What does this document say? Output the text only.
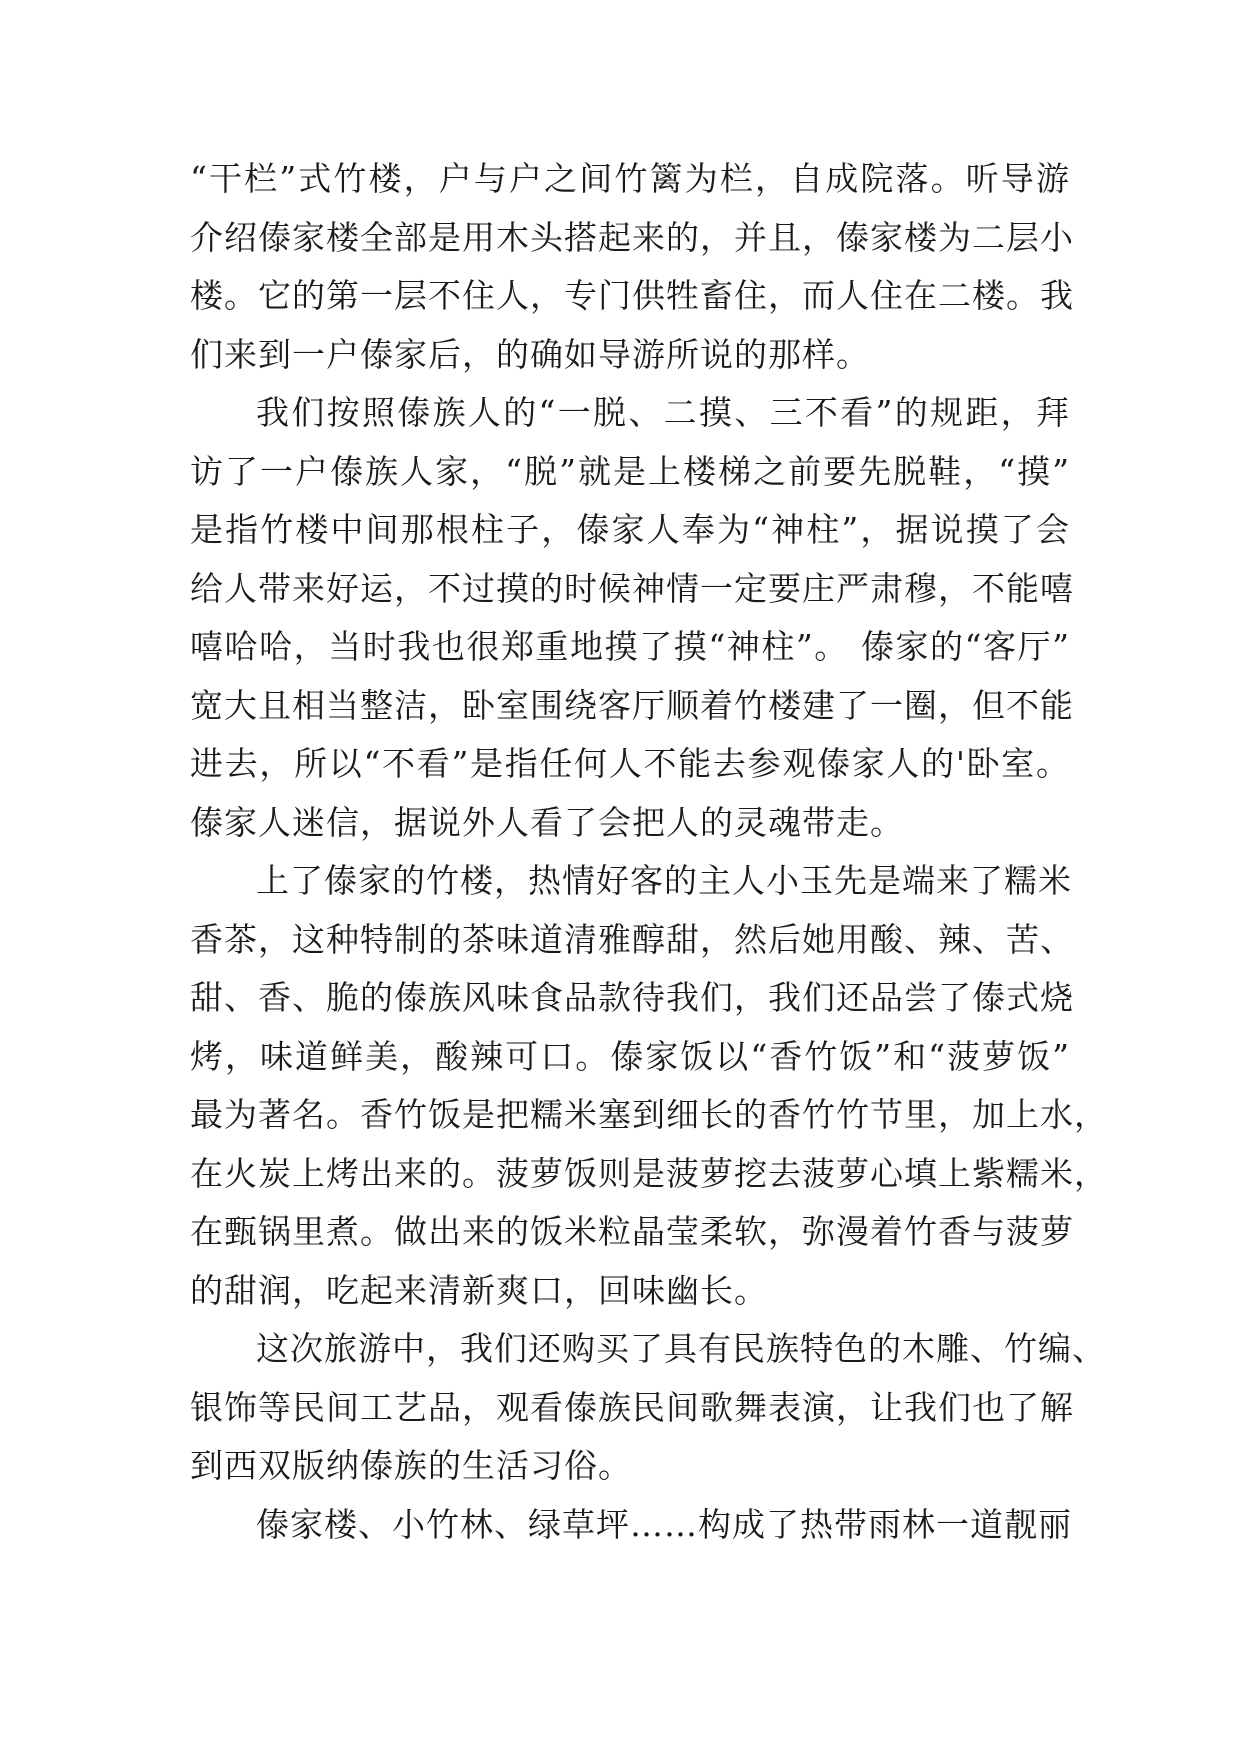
“干栏”式竹楼，户与户之间竹篱为栏，自成院落。听导游
介绍傣家楼全部是用木头搭起来的，并且，傣家楼为二层小
楼。它的第一层不住人，专门供牲畜住，而人住在二楼。我
们来到一户傣家后，的确如导游所说的那样。
我们按照傣族人的“一脱、二摸、三不看”的规距，拜
访了一户傣族人家，“脱”就是上楼梯之前要先脱鞋，“摸”
是指竹楼中间那根柱子，傣家人奉为“神柱”，据说摸了会
给人带来好运，不过摸的时候神情一定要庄严肃穆，不能嘻
嘻哈哈，当时我也很郑重地摸了摸“神柱”。 傣家的“客厅”
宽大且相当整洁，卧室围绕客厅顺着竹楼建了一圈，但不能
进去，所以“不看”是指任何人不能去参观傣家人的'卧室。
傣家人迷信，据说外人看了会把人的灵魂带走。
上了傣家的竹楼，热情好客的主人小玉先是端来了糯米
香茶，这种特制的茶味道清雅醇甜，然后她用酸、辣、苦、
甜、香、脆的傣族风味食品款待我们，我们还品尝了傣式烧
烤，味道鲜美，酸辣可口。傣家饭以“香竹饭”和“菠萝饭”
最为著名。香竹饭是把糯米塞到细长的香竹竹节里，加上水，
在火炭上烤出来的。菠萝饭则是菠萝挖去菠萝心填上紫糯米，
在甄锅里煮。做出来的饭米粒晶莹柔软，弥漫着竹香与菠萝
的甜润，吃起来清新爽口，回味幽长。
这次旅游中，我们还购买了具有民族特色的木雕、竹编、
银饰等民间工艺品，观看傣族民间歌舞表演，让我们也了解
到西双版纳傣族的生活习俗。
傣家楼、小竹林、绿草坪……构成了热带雨林一道靓丽
